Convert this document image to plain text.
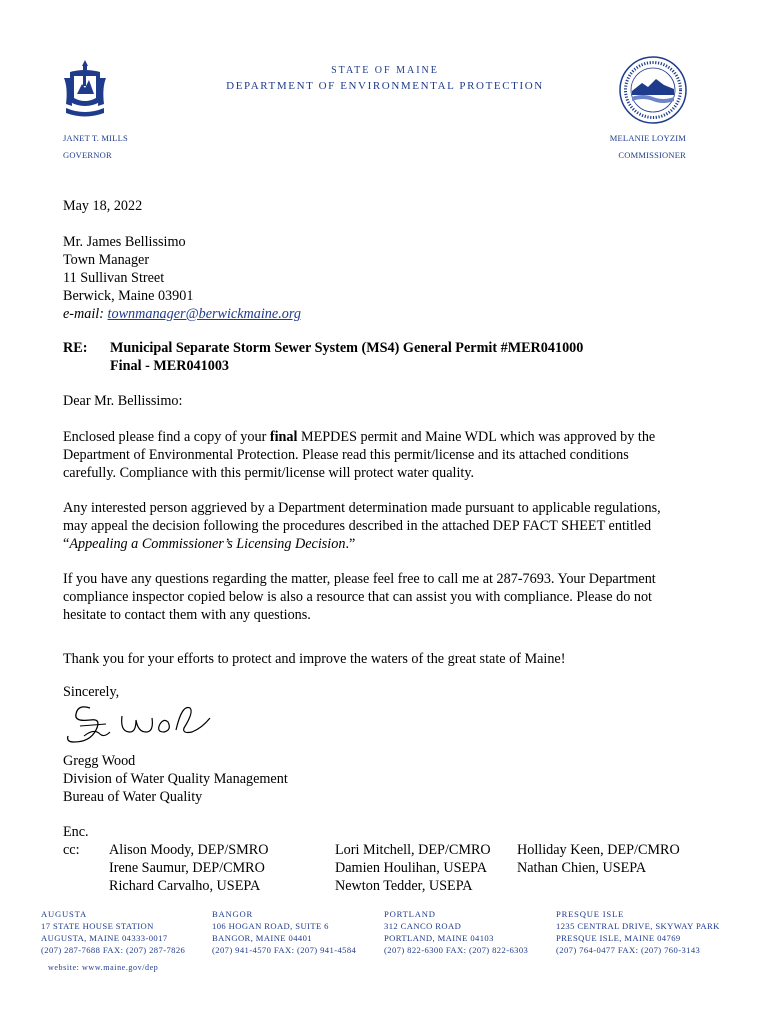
STATE OF MAINE
DEPARTMENT OF ENVIRONMENTAL PROTECTION
JANET T. MILLS
GOVERNOR
MELANIE LOYZIM
COMMISSIONER
May 18, 2022
Mr. James Bellissimo
Town Manager
11 Sullivan Street
Berwick, Maine 03901
e-mail: townmanager@berwickmaine.org
RE: Municipal Separate Storm Sewer System (MS4) General Permit #MER041000
Final - MER041003
Dear Mr. Bellissimo:
Enclosed please find a copy of your final MEPDES permit and Maine WDL which was approved by the
Department of Environmental Protection. Please read this permit/license and its attached conditions
carefully. Compliance with this permit/license will protect water quality.
Any interested person aggrieved by a Department determination made pursuant to applicable regulations,
may appeal the decision following the procedures described in the attached DEP FACT SHEET entitled
“Appealing a Commissioner’s Licensing Decision.”
If you have any questions regarding the matter, please feel free to call me at 287-7693. Your Department
compliance inspector copied below is also a resource that can assist you with compliance. Please do not
hesitate to contact them with any questions.
Thank you for your efforts to protect and improve the waters of the great state of Maine!
Sincerely,
Gregg Wood
Division of Water Quality Management
Bureau of Water Quality
Enc.
cc: Alison Moody, DEP/SMRO
Irene Saumur, DEP/CMRO
Richard Carvalho, USEPA
Lori Mitchell, DEP/CMRO
Damien Houlihan, USEPA
Newton Tedder, USEPA
Holliday Keen, DEP/CMRO
Nathan Chien, USEPA
AUGUSTA
17 STATE HOUSE STATION
AUGUSTA, MAINE 04333-0017
(207) 287-7688 FAX: (207) 287-7826
BANGOR
106 HOGAN ROAD, SUITE 6
BANGOR, MAINE 04401
(207) 941-4570 FAX: (207) 941-4584
PORTLAND
312 CANCO ROAD
PORTLAND, MAINE 04103
(207) 822-6300 FAX: (207) 822-6303
PRESQUE ISLE
1235 CENTRAL DRIVE, SKYWAY PARK
PRESQUE ISLE, MAINE 04769
(207) 764-0477 FAX: (207) 760-3143
website: www.maine.gov/dep
